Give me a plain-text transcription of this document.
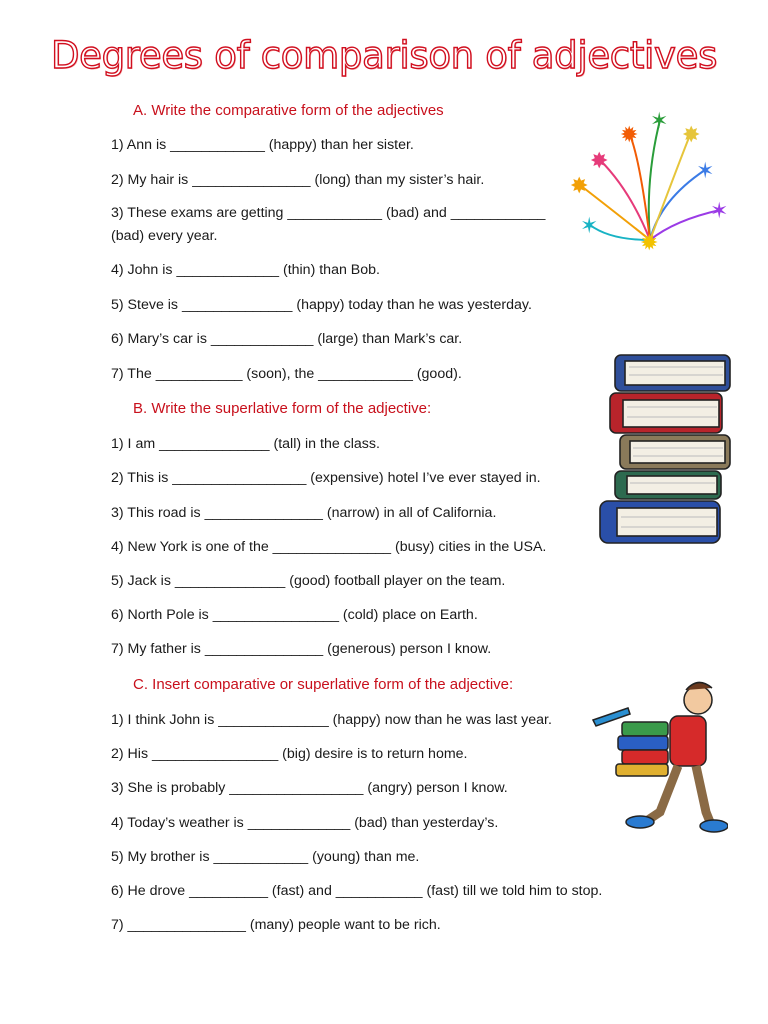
Degrees of comparison of adjectives
A. Write the comparative form of the adjectives
1) Ann is ____________ (happy) than her sister.
2) My hair is _______________ (long) than my sister’s hair.
3) These exams are getting ____________ (bad) and ____________ (bad) every year.
4) John is _____________ (thin) than Bob.
5) Steve is ______________ (happy) today than he was yesterday.
6) Mary’s car is _____________ (large) than Mark’s car.
7) The ___________ (soon), the ____________ (good).
B. Write the superlative form of the adjective:
1) I am ______________ (tall) in the class.
2) This is _________________ (expensive) hotel I’ve ever stayed in.
3) This road is _______________ (narrow) in all of California.
4) New York is one of the _______________ (busy) cities in the USA.
5) Jack is ______________ (good) football player on the team.
6) North Pole is ________________ (cold) place on Earth.
7) My father is _______________ (generous) person I know.
C. Insert comparative or superlative form of the adjective:
1) I think John is ______________ (happy) now than he was last year.
2) His ________________ (big) desire is to return home.
3) She is probably _________________ (angry) person I know.
4) Today’s weather is _____________ (bad) than yesterday’s.
5) My brother is ____________ (young) than me.
6) He drove __________ (fast) and ___________ (fast) till we told him to stop.
7) _______________ (many) people want to be rich.
✶
✸	✶
✸
✶
✹ ✸
✶
✹
